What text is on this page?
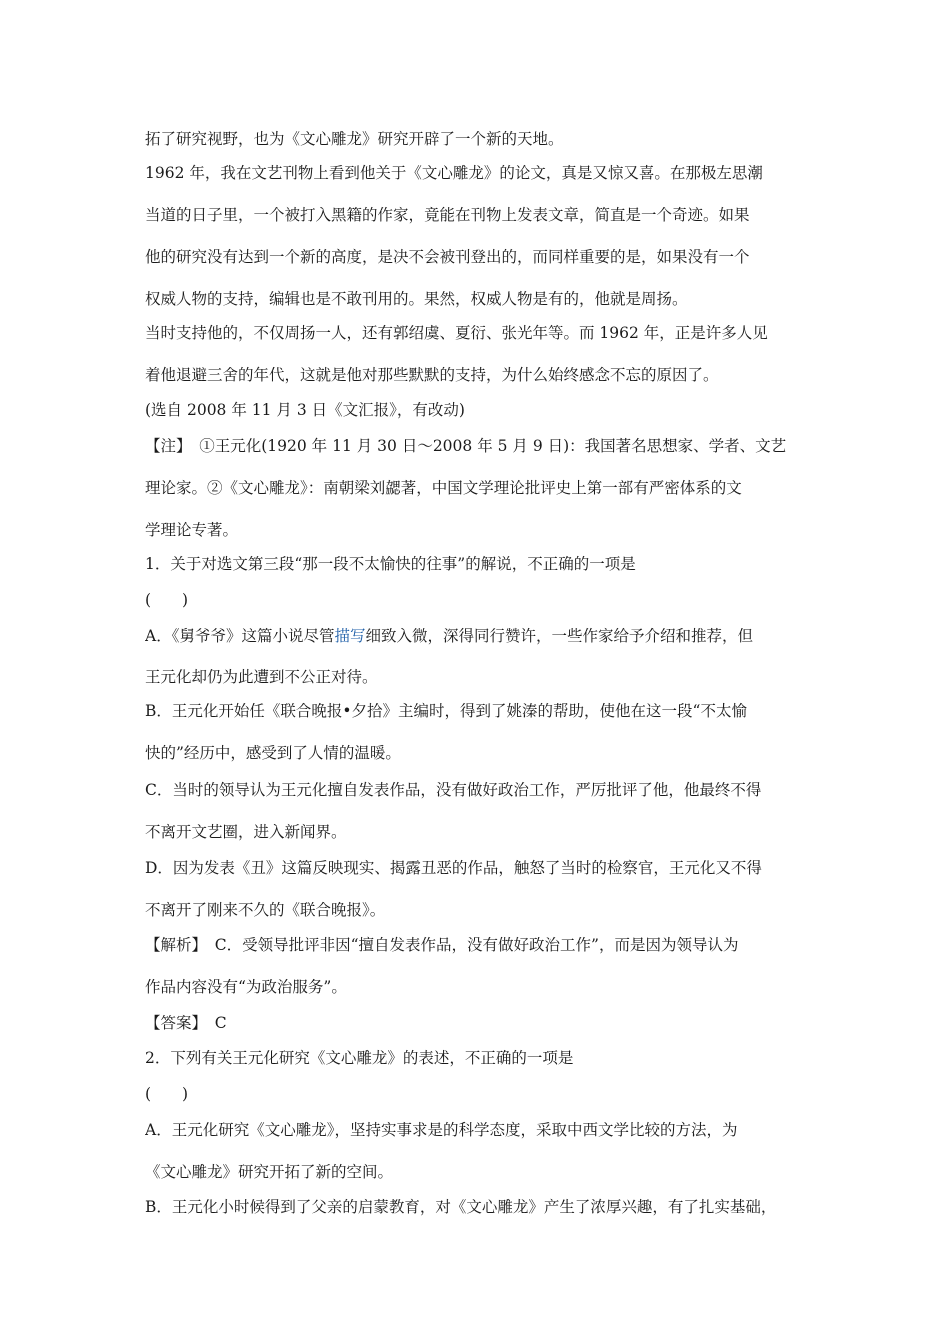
拓了研究视野，也为《文心雕龙》研究开辟了一个新的天地。
1962 年，我在文艺刊物上看到他关于《文心雕龙》的论文，真是又惊又喜。在那极左思潮
当道的日子里，一个被打入黑籍的作家，竟能在刊物上发表文章，简直是一个奇迹。如果
他的研究没有达到一个新的高度，是决不会被刊登出的，而同样重要的是，如果没有一个
权威人物的支持，编辑也是不敢刊用的。果然，权威人物是有的，他就是周扬。
当时支持他的，不仅周扬一人，还有郭绍虞、夏衍、张光年等。而 1962 年，正是许多人见
着他退避三舍的年代，这就是他对那些默默的支持，为什么始终感念不忘的原因了。
(选自 2008 年 11 月 3 日《文汇报》，有改动)
【注】　①王元化(1920 年 11 月 30 日～2008 年 5 月 9 日)：我国著名思想家、学者、文艺
理论家。②《文心雕龙》：南朝梁刘勰著，中国文学理论批评史上第一部有严密体系的文
学理论专著。
1．关于对选文第三段“那一段不太愉快的往事”的解说，不正确的一项是
(　　)
A．《舅爷爷》这篇小说尽管描写细致入微，深得同行赞许，一些作家给予介绍和推荐，但
王元化却仍为此遭到不公正对待。
B．王元化开始任《联合晚报•夕拾》主编时，得到了姚溱的帮助，使他在这一段“不太愉
快的”经历中，感受到了人情的温暖。
C．当时的领导认为王元化擅自发表作品，没有做好政治工作，严厉批评了他，他最终不得
不离开文艺圈，进入新闻界。
D．因为发表《丑》这篇反映现实、揭露丑恶的作品，触怒了当时的检察官，王元化又不得
不离开了刚来不久的《联合晚报》。
【解析】　C．受领导批评非因“擅自发表作品，没有做好政治工作”，而是因为领导认为
作品内容没有“为政治服务”。
【答案】　C
2．下列有关王元化研究《文心雕龙》的表述，不正确的一项是
(　　)
A．王元化研究《文心雕龙》，坚持实事求是的科学态度，采取中西文学比较的方法，为
《文心雕龙》研究开拓了新的空间。
B．王元化小时候得到了父亲的启蒙教育，对《文心雕龙》产生了浓厚兴趣，有了扎实基础，
